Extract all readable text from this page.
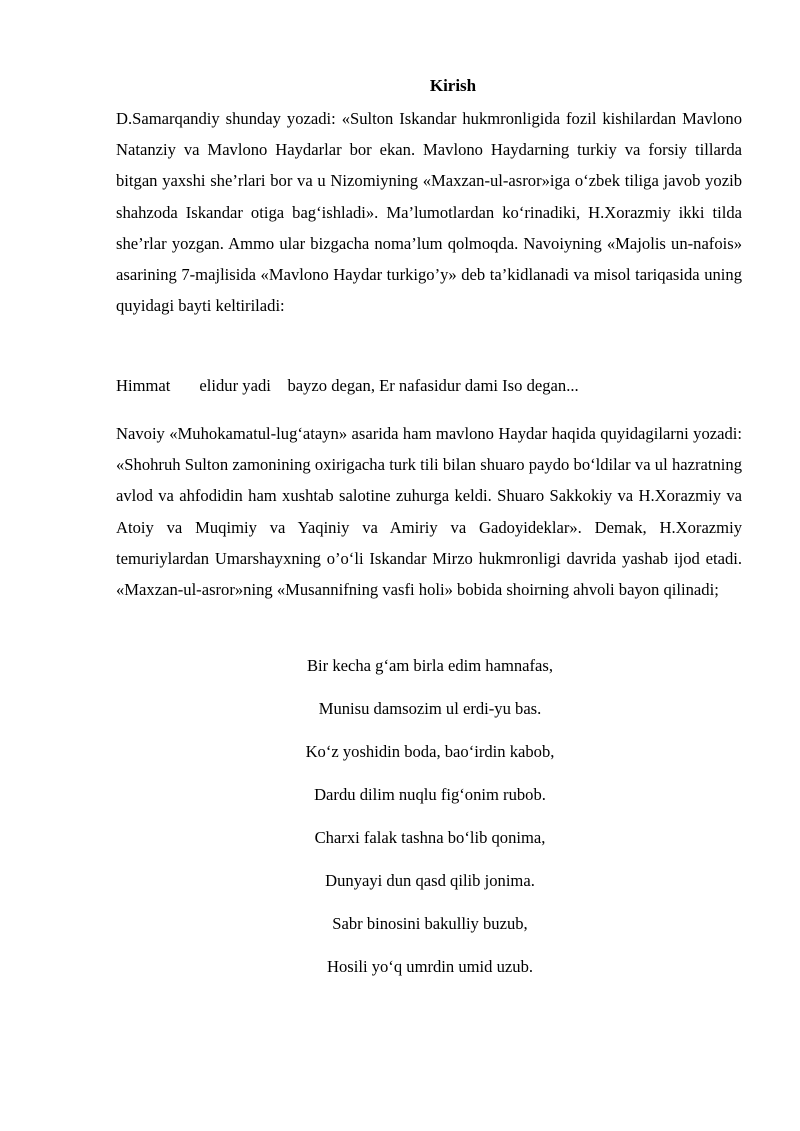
Kirish

D.Samarqandiy shunday yozadi: «Sulton Iskandar hukmronligida fozil kishilardan Mavlono Natanziy va Mavlono Haydarlar bor ekan. Mavlono Haydarning turkiy va forsiy tillarda bitgan yaxshi she’rlari bor va u Nizomiyning «Maxzan-ul-asror»iga o‘zbek tiliga javob yozib shahzoda Iskandar otiga bag‘ishladi». Ma’lumotlardan ko‘rinadiki, H.Xorazmiy ikki tilda she’rlar yozgan. Ammo ular bizgacha noma’lum qolmoqda. Navoiyning «Majolis un-nafois» asarining 7-majlisida «Mavlono Haydar turkigo’y» deb ta’kidlanadi va misol tariqasida uning quyidagi bayti keltiriladi:

Himmat       elidur yadi    bayzo degan, Er nafasidur dami Iso degan...

Navoiy «Muhokamatul-lug‘atayn» asarida ham mavlono Haydar haqida quyidagilarni yozadi: «Shohruh Sulton zamonining oxirigacha turk tili bilan shuaro paydo bo‘ldilar va ul hazratning avlod va ahfodidin ham xushtab salotine zuhurga keldi. Shuaro Sakkokiy va H.Xorazmiy va Atoiy va Muqimiy va Yaqiniy va Amiriy va Gadoyideklar». Demak, H.Xorazmiy temuriylardan Umarshayxning o’o‘li Iskandar Mirzo hukmronligi davrida yashab ijod etadi. «Maxzan-ul-asror»ning «Musannifning vasfi holi» bobida shoirning ahvoli bayon qilinadi;

Bir kecha g‘am birla edim hamnafas,
Munisu damsozim ul erdi-yu bas.
Ko‘z yoshidin boda, bao‘irdin kabob,
Dardu dilim nuqlu fig‘onim rubob.
Charxi falak tashna bo‘lib qonima,
Dunyayi dun qasd qilib jonima.
Sabr binosini bakulliy buzub,
Hosili yo‘q umrdin umid uzub.
